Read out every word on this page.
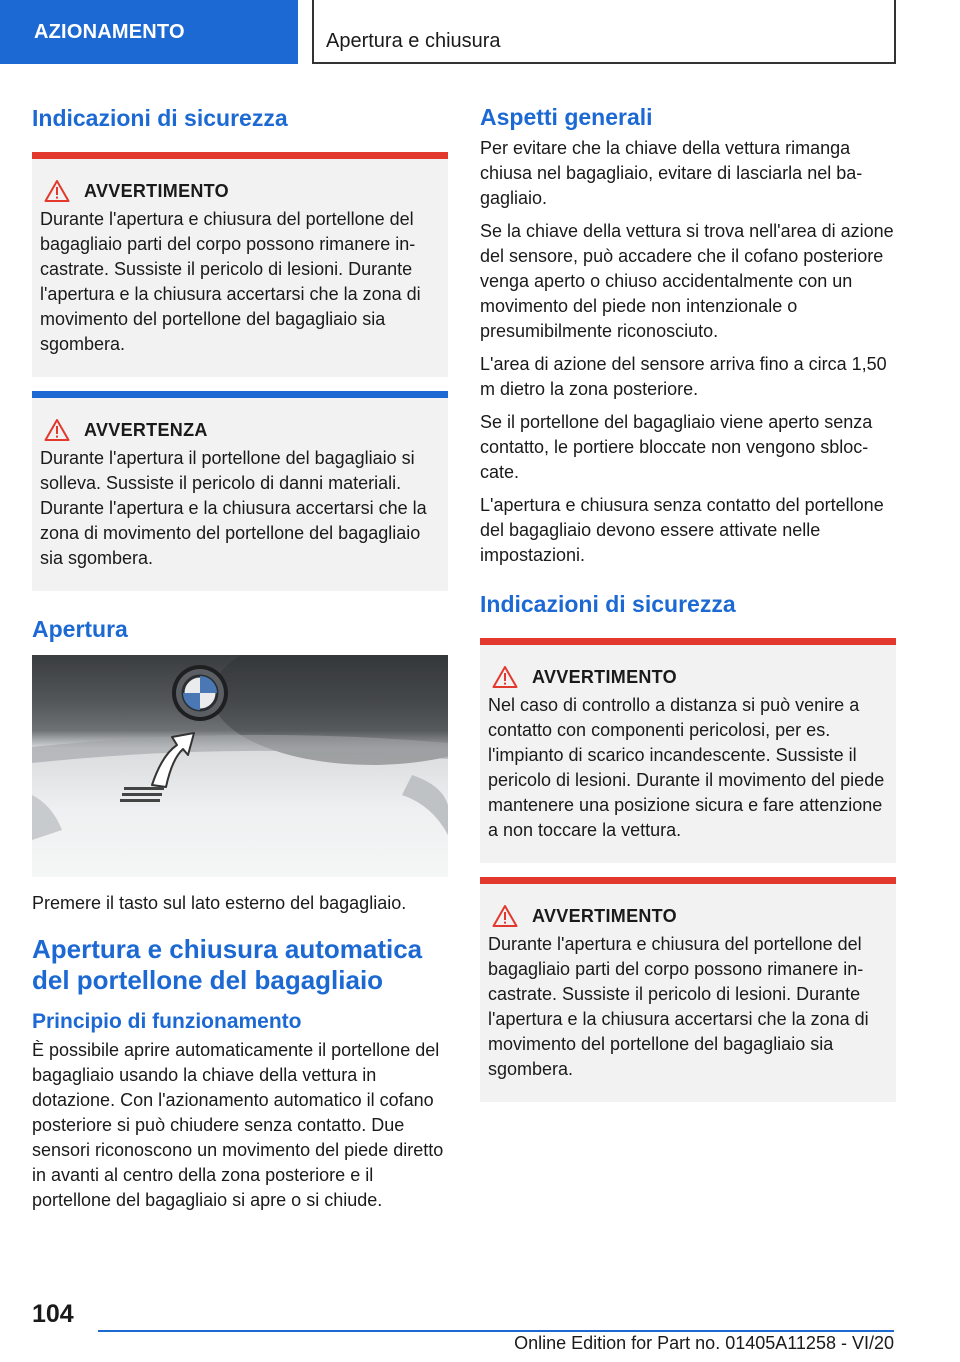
AZIONAMENTO	Apertura e chiusura
Indicazioni di sicurezza
AVVERTIMENTO

Durante l'apertura e chiusura del portellone del bagagliaio parti del corpo possono rimanere incastrate. Sussiste il pericolo di lesioni. Durante l'apertura e la chiusura accertarsi che la zona di movimento del portellone del bagagliaio sia sgombera.

AVVERTENZA

Durante l'apertura il portellone del bagagliaio si solleva. Sussiste il pericolo di danni materiali. Durante l'apertura e la chiusura accertarsi che la zona di movimento del portellone del bagagliaio sia sgombera.

Apertura

Premere il tasto sul lato esterno del bagagliaio.

Apertura e chiusura automatica del portellone del bagagliaio
Principio di funzionamento

È possibile aprire automaticamente il portellone del bagagliaio usando la chiave della vettura in dotazione. Con l'azionamento automatico il cofano posteriore si può chiudere senza contatto. Due sensori riconoscono un movimento del piede diretto in avanti al centro della zona posteriore e il portellone del bagagliaio si apre o si chiude.

Aspetti generali

Per evitare che la chiave della vettura rimanga chiusa nel bagagliaio, evitare di lasciarla nel bagagliaio.

Se la chiave della vettura si trova nell'area di azione del sensore, può accadere che il cofano posteriore venga aperto o chiuso accidentalmente con un movimento del piede non intenzionale o presumibilmente riconosciuto.

L'area di azione del sensore arriva fino a circa 1,50 m dietro la zona posteriore.

Se il portellone del bagagliaio viene aperto senza contatto, le portiere bloccate non vengono sbloccate.

L'apertura e chiusura senza contatto del portellone del bagagliaio devono essere attivate nelle impostazioni.

Indicazioni di sicurezza
AVVERTIMENTO

Nel caso di controllo a distanza si può venire a contatto con componenti pericolosi, per es. l'impianto di scarico incandescente. Sussiste il pericolo di lesioni. Durante il movimento del piede mantenere una posizione sicura e fare attenzione a non toccare la vettura.

AVVERTIMENTO

Durante l'apertura e chiusura del portellone del bagagliaio parti del corpo possono rimanere incastrate. Sussiste il pericolo di lesioni. Durante l'apertura e la chiusura accertarsi che la zona di movimento del portellone del bagagliaio sia sgombera.

104
Online Edition for Part no. 01405A11258 - VI/20
